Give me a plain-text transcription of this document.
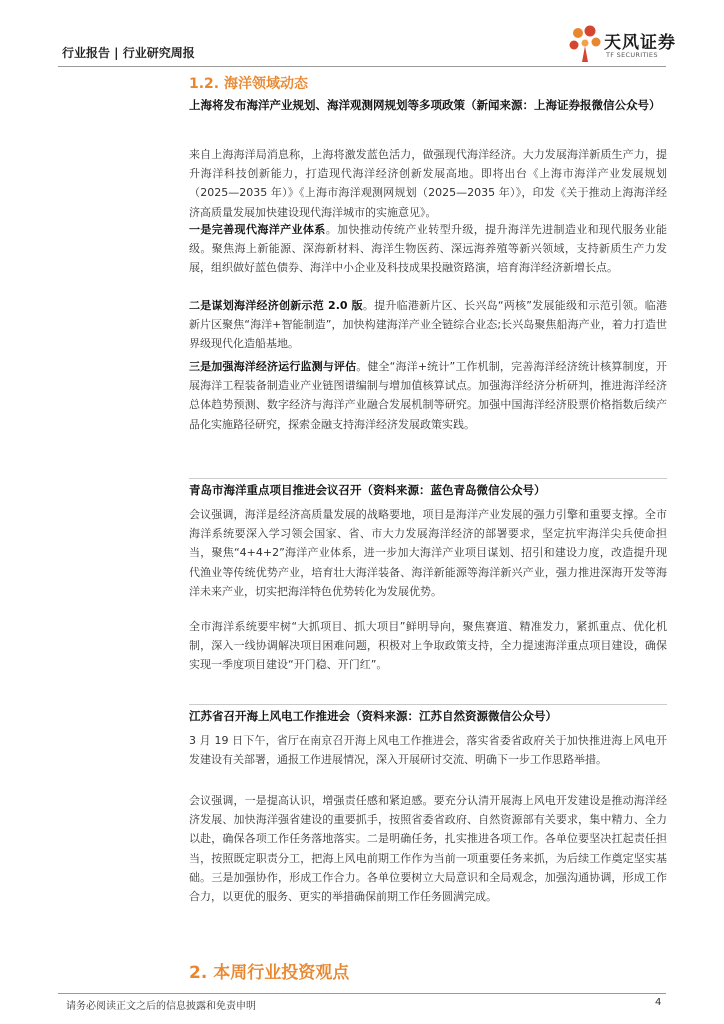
行业报告 | 行业研究周报	天风证券
TF SECURITIES
1.2. 海洋领域动态
上海将发布海洋产业规划、海洋观测网规划等多项政策（新闻来源：上海证券报微信公众号）
来自上海海洋局消息称，上海将激发蓝色活力，做强现代海洋经济。大力发展海洋新质生产力，提升海洋科技创新能力，打造现代海洋经济创新发展高地。即将出台《上海市海洋产业发展规划（2025—2035 年）》《上海市海洋观测网规划（2025—2035 年）》，印发《关于推动上海海洋经济高质量发展加快建设现代海洋城市的实施意见》。
一是完善现代海洋产业体系。加快推动传统产业转型升级，提升海洋先进制造业和现代服务业能级。聚焦海上新能源、深海新材料、海洋生物医药、深远海养殖等新兴领域，支持新质生产力发展，组织做好蓝色债券、海洋中小企业及科技成果投融资路演，培育海洋经济新增长点。
二是谋划海洋经济创新示范 2.0 版。提升临港新片区、长兴岛“两核”发展能级和示范引领。临港新片区聚焦“海洋+智能制造”，加快构建海洋产业全链综合业态;长兴岛聚焦船海产业，着力打造世界级现代化造船基地。
三是加强海洋经济运行监测与评估。健全“海洋+统计”工作机制，完善海洋经济统计核算制度，开展海洋工程装备制造业产业链图谱编制与增加值核算试点。加强海洋经济分析研判，推进海洋经济总体趋势预测、数字经济与海洋产业融合发展机制等研究。加强中国海洋经济股票价格指数后续产品化实施路径研究，探索金融支持海洋经济发展政策实践。
青岛市海洋重点项目推进会议召开（资料来源：蓝色青岛微信公众号）
会议强调，海洋是经济高质量发展的战略要地，项目是海洋产业发展的强力引擎和重要支撑。全市海洋系统要深入学习领会国家、省、市大力发展海洋经济的部署要求，坚定抗牢海洋尖兵使命担当，聚焦“4+4+2”海洋产业体系，进一步加大海洋产业项目谋划、招引和建设力度，改造提升现代渔业等传统优势产业，培育壮大海洋装备、海洋新能源等海洋新兴产业，强力推进深海开发等海洋未来产业，切实把海洋特色优势转化为发展优势。
全市海洋系统要牢树“大抓项目、抓大项目”鲜明导向，聚焦赛道、精准发力，紧抓重点、优化机制，深入一线协调解决项目困难问题，积极对上争取政策支持，全力提速海洋重点项目建设，确保实现一季度项目建设“开门稳、开门红”。
江苏省召开海上风电工作推进会（资料来源：江苏自然资源微信公众号）
3 月 19 日下午，省厅在南京召开海上风电工作推进会，落实省委省政府关于加快推进海上风电开发建设有关部署，通报工作进展情况，深入开展研讨交流、明确下一步工作思路举措。
会议强调，一是提高认识，增强责任感和紧迫感。要充分认清开展海上风电开发建设是推动海洋经济发展、加快海洋强省建设的重要抓手，按照省委省政府、自然资源部有关要求，集中精力、全力以赴，确保各项工作任务落地落实。二是明确任务，扎实推进各项工作。各单位要坚决扛起责任担当，按照既定职责分工，把海上风电前期工作作为当前一项重要任务来抓，为后续工作奠定坚实基础。三是加强协作，形成工作合力。各单位要树立大局意识和全局观念，加强沟通协调，形成工作合力，以更优的服务、更实的举措确保前期工作任务圆满完成。
2. 本周行业投资观点
请务必阅读正文之后的信息披露和免责申明	4
